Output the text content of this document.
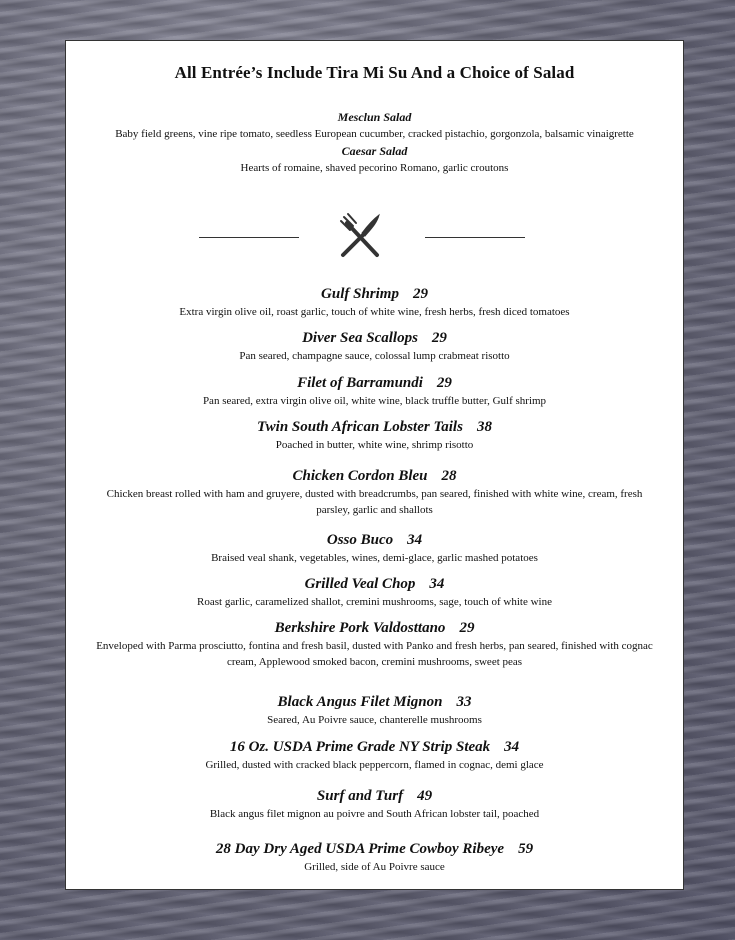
All Entrée’s Include Tira Mi Su And a Choice of Salad
Mesclun Salad
Baby field greens, vine ripe tomato, seedless European cucumber, cracked pistachio, gorgonzola, balsamic vinaigrette
Caesar Salad
Hearts of romaine, shaved pecorino Romano, garlic croutons
Gulf Shrimp 29
Extra virgin olive oil, roast garlic, touch of white wine, fresh herbs, fresh diced tomatoes
Diver Sea Scallops 29
Pan seared, champagne sauce, colossal lump crabmeat risotto
Filet of Barramundi 29
Pan seared, extra virgin olive oil, white wine, black truffle butter, Gulf shrimp
Twin South African Lobster Tails 38
Poached in butter, white wine, shrimp risotto
Chicken Cordon Bleu 28
Chicken breast rolled with ham and gruyere, dusted with breadcrumbs, pan seared, finished with white wine, cream, fresh parsley, garlic and shallots
Osso Buco 34
Braised veal shank, vegetables, wines, demi-glace, garlic mashed potatoes
Grilled Veal Chop 34
Roast garlic, caramelized shallot, cremini mushrooms, sage, touch of white wine
Berkshire Pork Valdosttano 29
Enveloped with Parma prosciutto, fontina and fresh basil, dusted with Panko and fresh herbs, pan seared, finished with cognac cream, Applewood smoked bacon, cremini mushrooms, sweet peas
Black Angus Filet Mignon 33
Seared, Au Poivre sauce, chanterelle mushrooms
16 Oz. USDA Prime Grade NY Strip Steak 34
Grilled, dusted with cracked black peppercorn, flamed in cognac, demi glace
Surf and Turf 49
Black angus filet mignon au poivre and South African lobster tail, poached
28 Day Dry Aged USDA Prime Cowboy Ribeye 59
Grilled, side of Au Poivre sauce
